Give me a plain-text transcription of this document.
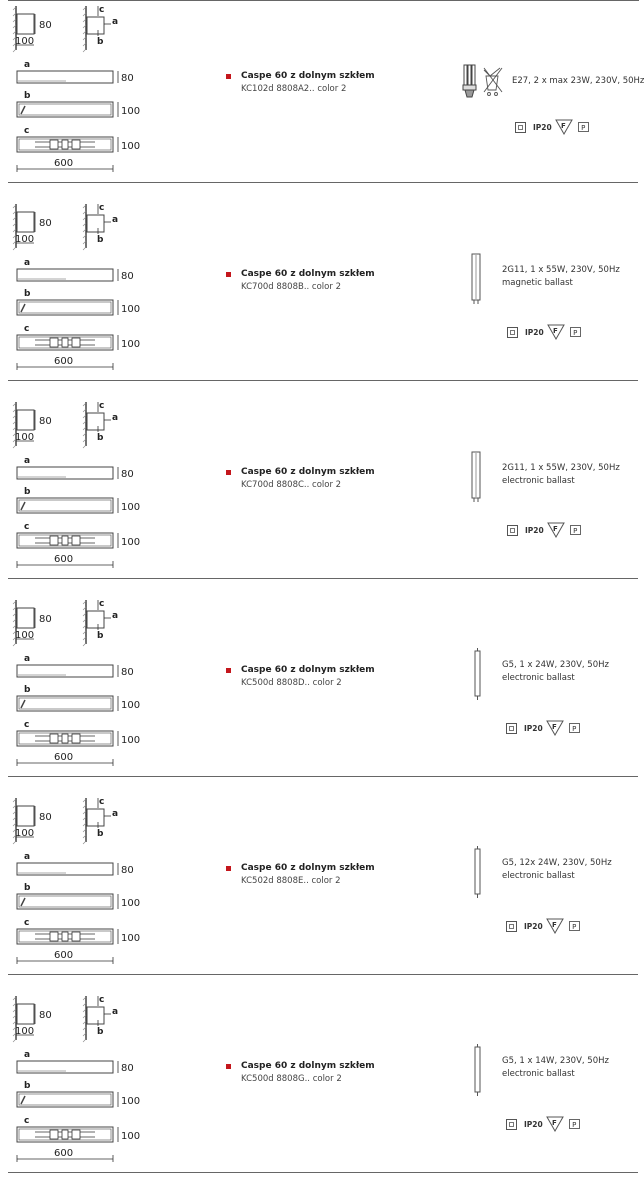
80
100
c
a
b
a
80
b
100
c
100
600
Caspe 60 z dolnym szkłem
KC102d 8808A2.. color 2
E27, 2 x max 23W, 230V, 50Hz
IP20 F	P
80
100
c
a
b
a
80
b
100
c
100
600
Caspe 60 z dolnym szkłem
KC700d 8808B.. color 2
2G11, 1 x 55W, 230V, 50Hz
magnetic ballast
IP20 F	P
80
100
c
a
b
a
80
b
100
c
100
600
Caspe 60 z dolnym szkłem
KC700d 8808C.. color 2
2G11, 1 x 55W, 230V, 50Hz
electronic ballast
IP20 F	P
80
100
c
a
b
a
80
b
100
c
100
600
Caspe 60 z dolnym szkłem
KC500d 8808D.. color 2
G5, 1 x 24W, 230V, 50Hz
electronic ballast
IP20 F	P
80
100
c
a
b
a
80
b
100
c
100
600
Caspe 60 z dolnym szkłem
KC502d 8808E.. color 2
G5, 12x 24W, 230V, 50Hz
electronic ballast
IP20 F	P
80
100
c
a
b
a
80
b
100
c
100
600
Caspe 60 z dolnym szkłem
KC500d 8808G.. color 2
G5, 1 x 14W, 230V, 50Hz
electronic ballast
IP20 F	P
